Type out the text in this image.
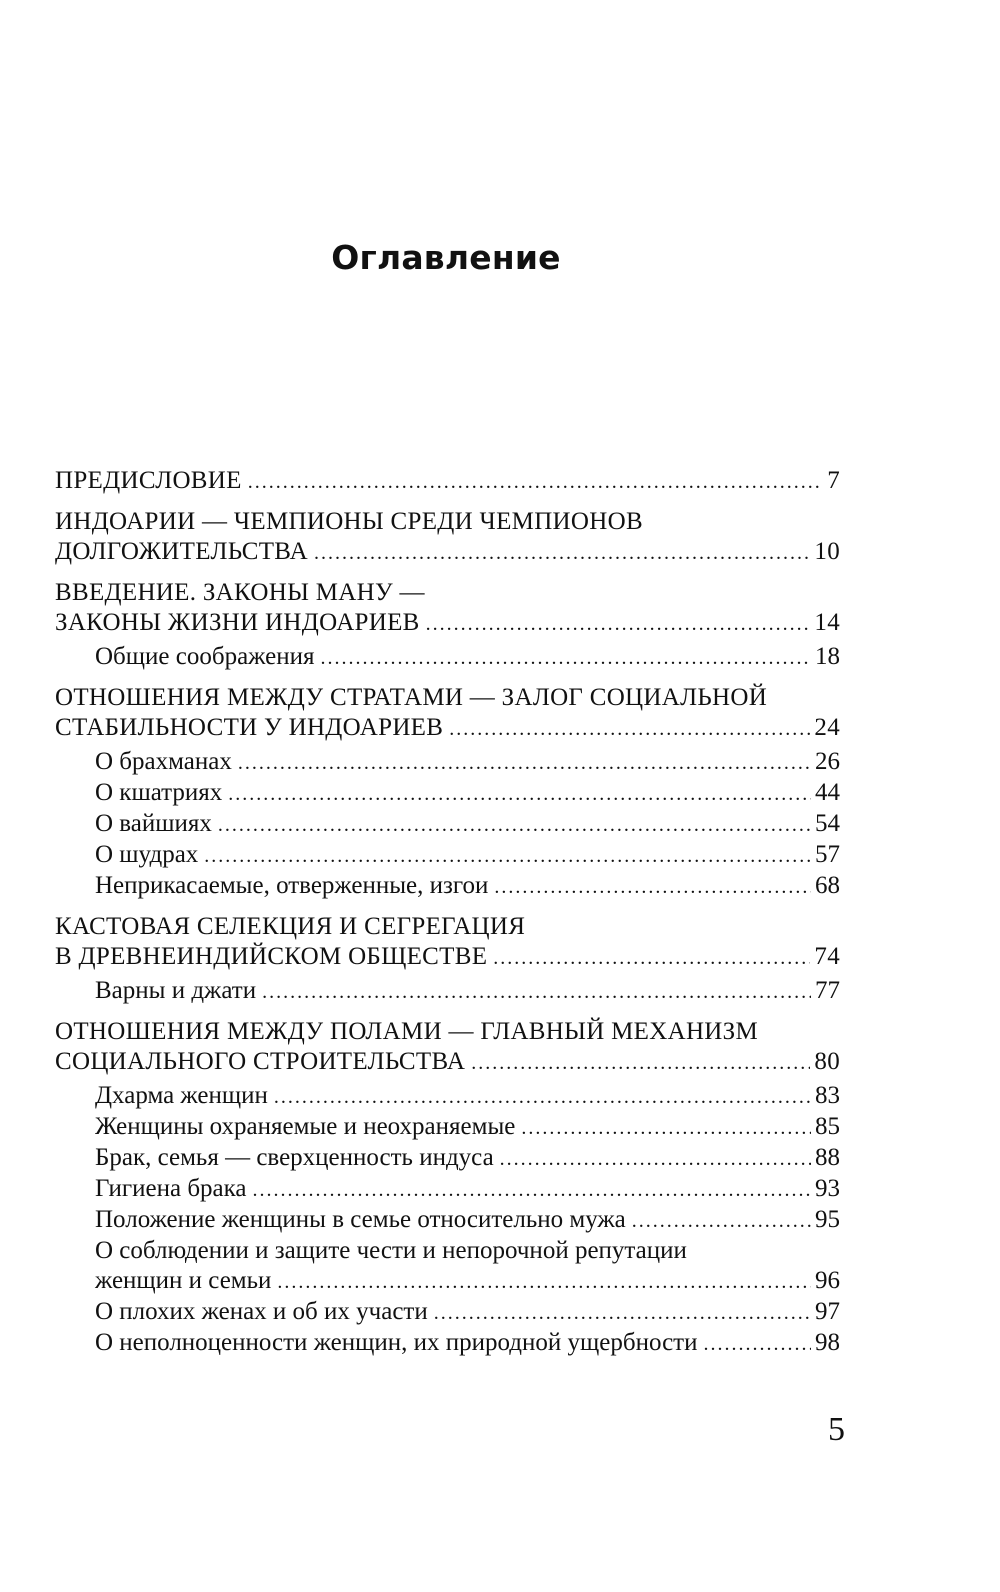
Оглавление
ПРЕДИСЛОВИЕ .....	7
ИНДОАРИИ — ЧЕМПИОНЫ СРЕДИ ЧЕМПИОНОВ
ДОЛГОЖИТЕЛЬСТВА .....	10
ВВЕДЕНИЕ. ЗАКОНЫ МАНУ —
ЗАКОНЫ ЖИЗНИ ИНДОАРИЕВ .....	14
Общие соображения .....	18
ОТНОШЕНИЯ МЕЖДУ СТРАТАМИ — ЗАЛОГ СОЦИАЛЬНОЙ
СТАБИЛЬНОСТИ У ИНДОАРИЕВ .....	24
О брахманах .....	26
О кшатриях .....	44
О вайшиях .....	54
О шудрах .....	57
Неприкасаемые, отверженные, изгои .....	68
КАСТОВАЯ СЕЛЕКЦИЯ И СЕГРЕГАЦИЯ
В ДРЕВНЕИНДИЙСКОМ ОБЩЕСТВЕ .....	74
Варны и джати .....	77
ОТНОШЕНИЯ МЕЖДУ ПОЛАМИ — ГЛАВНЫЙ МЕХАНИЗМ
СОЦИАЛЬНОГО СТРОИТЕЛЬСТВА .....	80
Дхарма женщин .....	83
Женщины охраняемые и неохраняемые .....	85
Брак, семья — сверхценность индуса .....	88
Гигиена брака .....	93
Положение женщины в семье относительно мужа .....	95
О соблюдении и защите чести и непорочной репутации
женщин и семьи .....	96
О плохих женах и об их участи .....	97
О неполноценности женщин, их природной ущербности .....	98
5
